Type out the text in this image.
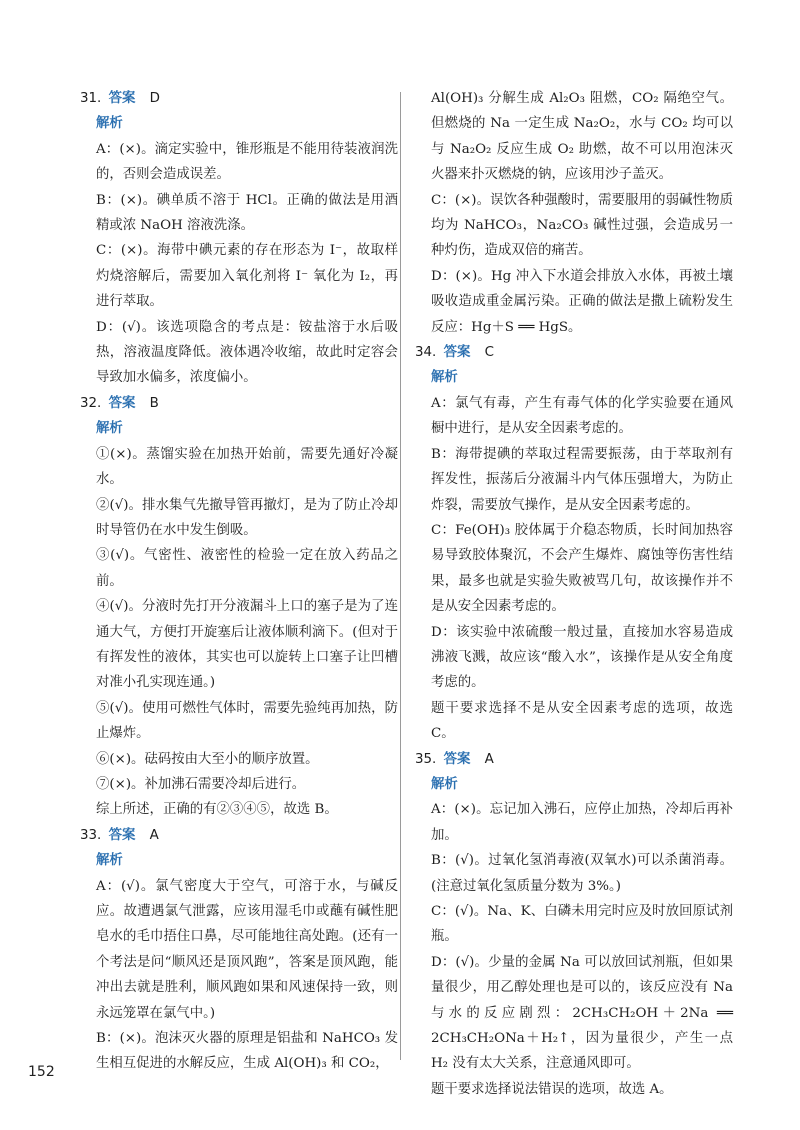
31. 答案 D

解析

A：(×)。滴定实验中，锥形瓶是不能用待装液润洗的，否则会造成误差。

B：(×)。碘单质不溶于 HCl。正确的做法是用酒精或浓 NaOH 溶液洗涤。

C：(×)。海带中碘元素的存在形态为 I⁻，故取样灼烧溶解后，需要加入氧化剂将 I⁻ 氧化为 I₂，再进行萃取。

D：(√)。该选项隐含的考点是：铵盐溶于水后吸热，溶液温度降低。液体遇冷收缩，故此时定容会导致加水偏多，浓度偏小。

32. 答案 B

解析

①(×)。蒸馏实验在加热开始前，需要先通好冷凝水。

②(√)。排水集气先撤导管再撤灯，是为了防止冷却时导管仍在水中发生倒吸。

③(√)。气密性、液密性的检验一定在放入药品之前。

④(√)。分液时先打开分液漏斗上口的塞子是为了连通大气，方便打开旋塞后让液体顺利滴下。(但对于有挥发性的液体，其实也可以旋转上口塞子让凹槽对准小孔实现连通。)

⑤(√)。使用可燃性气体时，需要先验纯再加热，防止爆炸。

⑥(×)。砝码按由大至小的顺序放置。

⑦(×)。补加沸石需要冷却后进行。

综上所述，正确的有②③④⑤，故选 B。

33. 答案 A

解析

A：(√)。氯气密度大于空气，可溶于水，与碱反应。故遭遇氯气泄露，应该用湿毛巾或蘸有碱性肥皂水的毛巾捂住口鼻，尽可能地往高处跑。(还有一个考法是问“顺风还是顶风跑”，答案是顶风跑，能冲出去就是胜利，顺风跑如果和风速保持一致，则永远笼罩在氯气中。)

B：(×)。泡沫灭火器的原理是铝盐和 NaHCO₃ 发生相互促进的水解反应，生成 Al(OH)₃ 和 CO₂，

Al(OH)₃ 分解生成 Al₂O₃ 阻燃，CO₂ 隔绝空气。但燃烧的 Na 一定生成 Na₂O₂，水与 CO₂ 均可以与 Na₂O₂ 反应生成 O₂ 助燃，故不可以用泡沫灭火器来扑灭燃烧的钠，应该用沙子盖灭。

C：(×)。误饮各种强酸时，需要服用的弱碱性物质均为 NaHCO₃，Na₂CO₃ 碱性过强，会造成另一种灼伤，造成双倍的痛苦。

D：(×)。Hg 冲入下水道会排放入水体，再被土壤吸收造成重金属污染。正确的做法是撒上硫粉发生反应：Hg＋S ══ HgS。

34. 答案 C

解析

A：氯气有毒，产生有毒气体的化学实验要在通风橱中进行，是从安全因素考虑的。

B：海带提碘的萃取过程需要振荡，由于萃取剂有挥发性，振荡后分液漏斗内气体压强增大，为防止炸裂，需要放气操作，是从安全因素考虑的。

C：Fe(OH)₃ 胶体属于介稳态物质，长时间加热容易导致胶体聚沉，不会产生爆炸、腐蚀等伤害性结果，最多也就是实验失败被骂几句，故该操作并不是从安全因素考虑的。

D：该实验中浓硫酸一般过量，直接加水容易造成沸液飞溅，故应该“酸入水”，该操作是从安全角度考虑的。

题干要求选择不是从安全因素考虑的选项，故选 C。

35. 答案 A

解析

A：(×)。忘记加入沸石，应停止加热，冷却后再补加。

B：(√)。过氧化氢消毒液(双氧水)可以杀菌消毒。(注意过氧化氢质量分数为 3%。)

C：(√)。Na、K、白磷未用完时应及时放回原试剂瓶。

D：(√)。少量的金属 Na 可以放回试剂瓶，但如果量很少，用乙醇处理也是可以的，该反应没有 Na 与水的反应剧烈：2CH₃CH₂OH＋2Na ══ 2CH₃CH₂ONa＋H₂↑，因为量很少，产生一点 H₂ 没有太大关系，注意通风即可。

题干要求选择说法错误的选项，故选 A。

152
